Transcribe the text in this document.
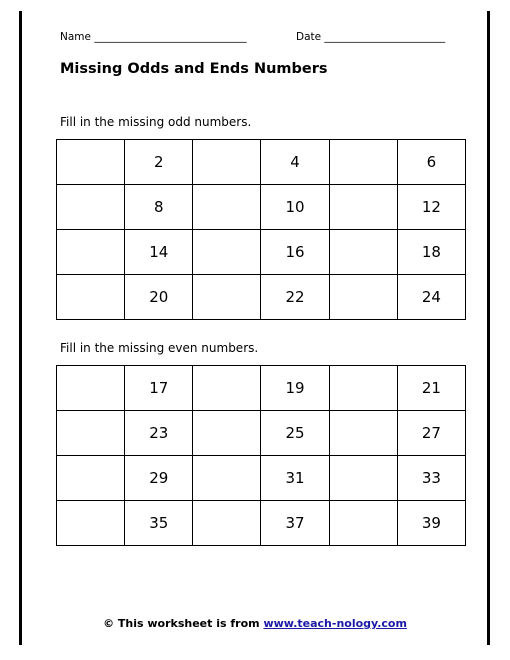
Name _____________________________	Date _______________________
Missing Odds and Ends Numbers
Fill in the missing odd numbers.
	2		4		6
	8		10		12
	14		16		18
	20		22		24
Fill in the missing even numbers.
	17		19		21
	23		25		27
	29		31		33
	35		37		39
© This worksheet is from www.teach-nology.com
